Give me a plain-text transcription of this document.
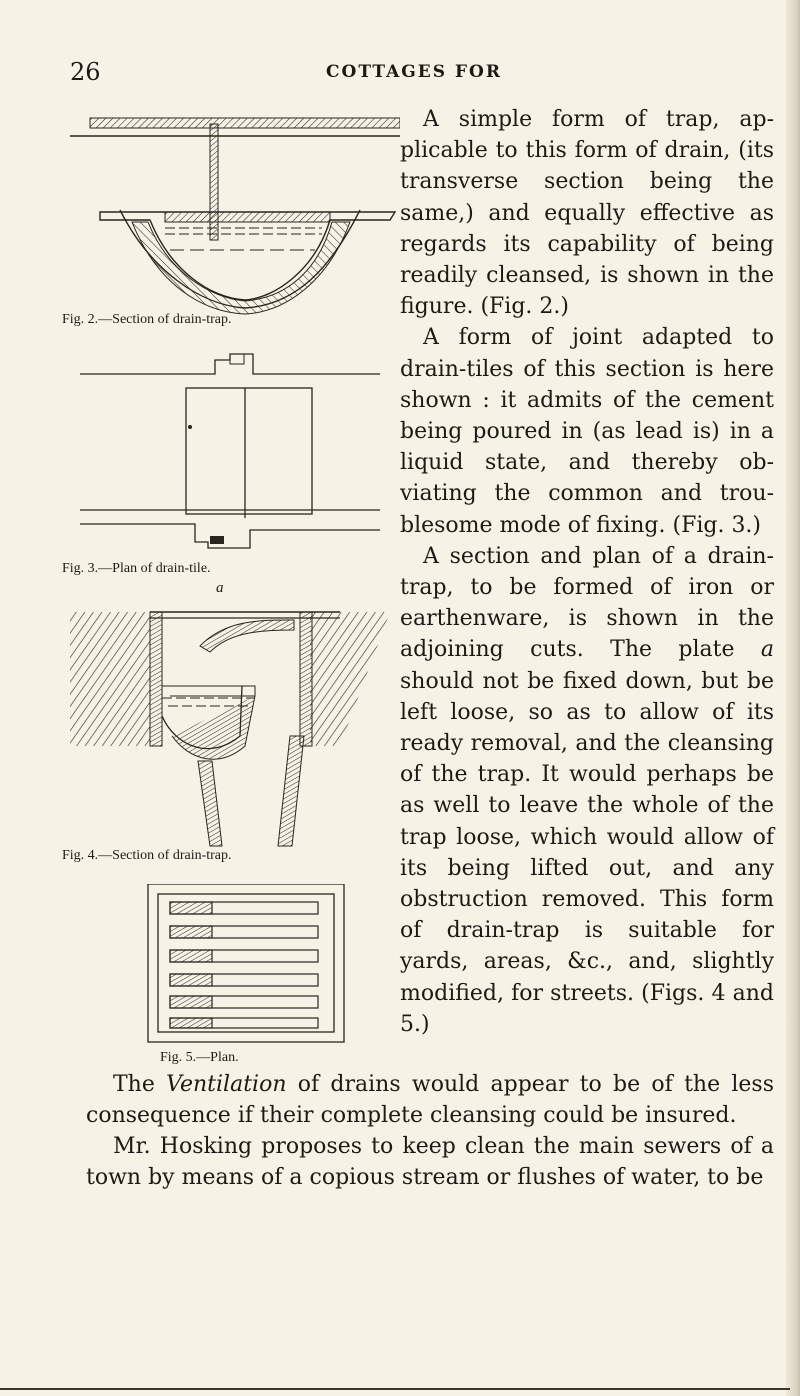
26	COTTAGES FOR
Fig. 2.—Section of drain-trap.
Fig. 3.—Plan of drain-tile.
a
Fig. 4.—Section of drain-trap.
Fig. 5.—Plan.

A simple form of trap, applicable to this form of drain, (its transverse section being the same,) and equally effective as regards its capability of being readily cleansed, is shown in the figure. (Fig. 2.)

A form of joint adapted to drain-tiles of this section is here shown : it admits of the cement being poured in (as lead is) in a liquid state, and thereby obviating the common and troublesome mode of fixing. (Fig. 3.)

A section and plan of a drain-trap, to be formed of iron or earthenware, is shown in the adjoining cuts. The plate a should not be fixed down, but be left loose, so as to allow of its ready removal, and the cleansing of the trap. It would perhaps be as well to leave the whole of the trap loose, which would allow of its being lifted out, and any obstruction removed. This form of drain-trap is suitable for yards, areas, &c., and, slightly modified, for streets. (Figs. 4 and 5.)

The Ventilation of drains would appear to be of the less consequence if their complete cleansing could be insured.

Mr. Hosking proposes to keep clean the main sewers of a town by means of a copious stream or flushes of water, to be
